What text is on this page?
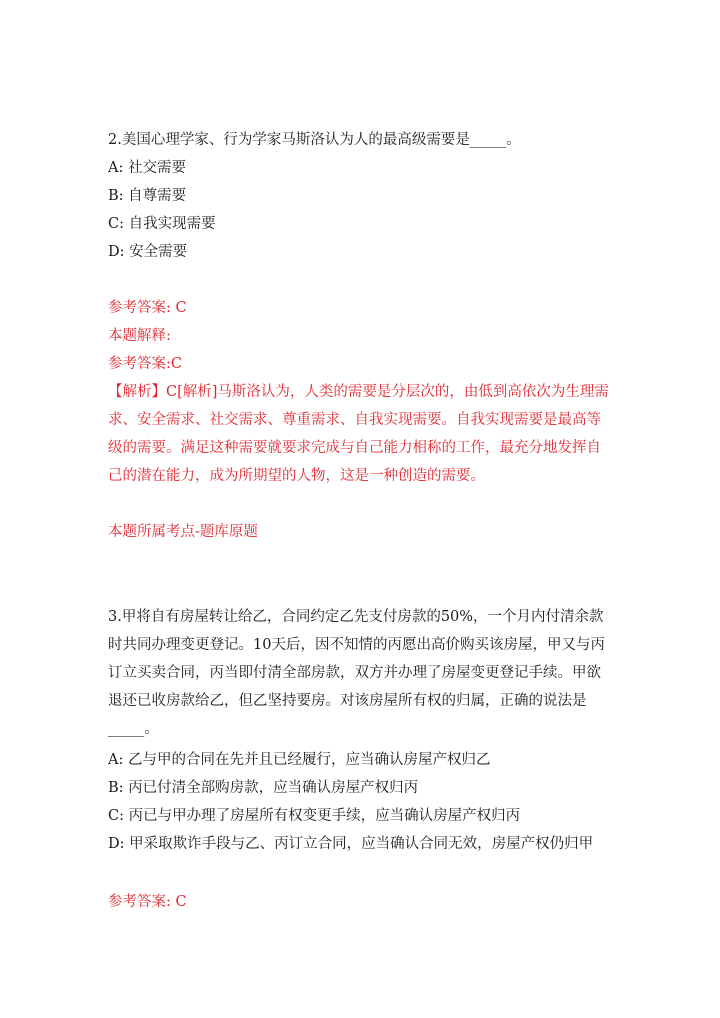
2.美国心理学家、行为学家马斯洛认为人的最高级需要是_____。
A: 社交需要
B: 自尊需要
C: 自我实现需要
D: 安全需要
参考答案: C
本题解释:
参考答案:C
【解析】C[解析]马斯洛认为，人类的需要是分层次的，由低到高依次为生理需
求、安全需求、社交需求、尊重需求、自我实现需要。自我实现需要是最高等
级的需要。满足这种需要就要求完成与自己能力相称的工作，最充分地发挥自
己的潜在能力，成为所期望的人物，这是一种创造的需要。
本题所属考点-题库原题
3.甲将自有房屋转让给乙，合同约定乙先支付房款的50%，一个月内付清余款
时共同办理变更登记。10天后，因不知情的丙愿出高价购买该房屋，甲又与丙
订立买卖合同，丙当即付清全部房款，双方并办理了房屋变更登记手续。甲欲
退还已收房款给乙，但乙坚持要房。对该房屋所有权的归属，正确的说法是
_____。
A: 乙与甲的合同在先并且已经履行，应当确认房屋产权归乙
B: 丙已付清全部购房款，应当确认房屋产权归丙
C: 丙已与甲办理了房屋所有权变更手续，应当确认房屋产权归丙
D: 甲采取欺诈手段与乙、丙订立合同，应当确认合同无效，房屋产权仍归甲
参考答案: C
